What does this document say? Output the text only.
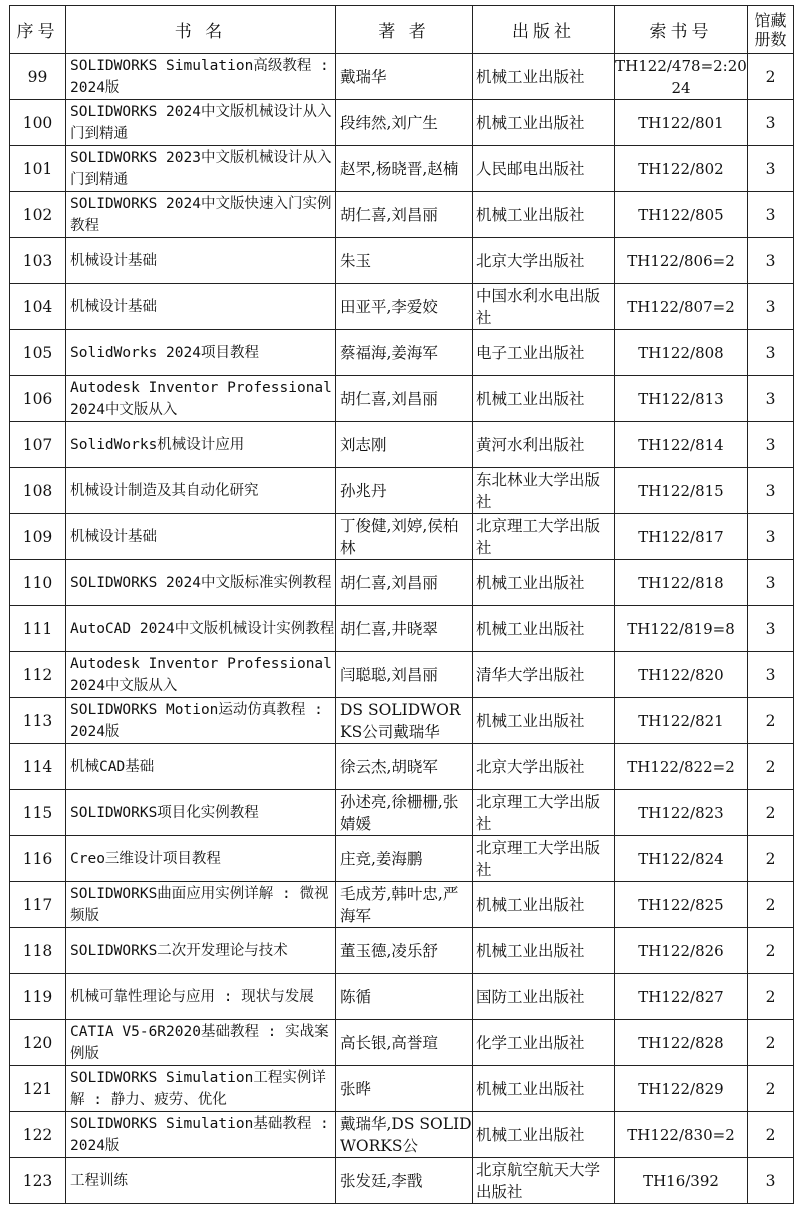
序号	书 名	著 者	出版社	索书号	馆藏册数

99	SOLIDWORKS Simulation高级教程 : 2024版	戴瑞华	机械工业出版社	TH122/478=2:2024	2

100	SOLIDWORKS 2024中文版机械设计从入门到精通	段纬然,刘广生	机械工业出版社	TH122/801	3

101	SOLIDWORKS 2023中文版机械设计从入门到精通	赵罘,杨晓晋,赵楠	人民邮电出版社	TH122/802	3

102	SOLIDWORKS 2024中文版快速入门实例教程	胡仁喜,刘昌丽	机械工业出版社	TH122/805	3

103	机械设计基础	朱玉	北京大学出版社	TH122/806=2	3

104	机械设计基础	田亚平,李爱姣	中国水利水电出版社	TH122/807=2	3

105	SolidWorks 2024项目教程	蔡福海,姜海军	电子工业出版社	TH122/808	3

106	Autodesk Inventor Professional 2024中文版从入	胡仁喜,刘昌丽	机械工业出版社	TH122/813	3

107	SolidWorks机械设计应用	刘志刚	黄河水利出版社	TH122/814	3

108	机械设计制造及其自动化研究	孙兆丹	东北林业大学出版社	TH122/815	3

109	机械设计基础	丁俊健,刘婷,侯柏林	北京理工大学出版社	TH122/817	3

110	SOLIDWORKS 2024中文版标准实例教程	胡仁喜,刘昌丽	机械工业出版社	TH122/818	3

111	AutoCAD 2024中文版机械设计实例教程	胡仁喜,井晓翠	机械工业出版社	TH122/819=8	3

112	Autodesk Inventor Professional 2024中文版从入	闫聪聪,刘昌丽	清华大学出版社	TH122/820	3

113	SOLIDWORKS Motion运动仿真教程 : 2024版	DS SOLIDWORKS公司戴瑞华	机械工业出版社	TH122/821	2

114	机械CAD基础	徐云杰,胡晓军	北京大学出版社	TH122/822=2	2

115	SOLIDWORKS项目化实例教程	孙述亮,徐栅栅,张婧媛	北京理工大学出版社	TH122/823	2

116	Creo三维设计项目教程	庄竞,姜海鹏	北京理工大学出版社	TH122/824	2

117	SOLIDWORKS曲面应用实例详解 : 微视频版	毛成芳,韩叶忠,严海军	机械工业出版社	TH122/825	2

118	SOLIDWORKS二次开发理论与技术	董玉德,凌乐舒	机械工业出版社	TH122/826	2

119	机械可靠性理论与应用 : 现状与发展	陈循	国防工业出版社	TH122/827	2

120	CATIA V5-6R2020基础教程 : 实战案例版	高长银,高誉瑄	化学工业出版社	TH122/828	2

121	SOLIDWORKS Simulation工程实例详解 : 静力、疲劳、优化	张晔	机械工业出版社	TH122/829	2

122	SOLIDWORKS Simulation基础教程 : 2024版	戴瑞华,DS SOLIDWORKS公	机械工业出版社	TH122/830=2	2

123	工程训练	张发廷,李戬	北京航空航天大学出版社	TH16/392	3
